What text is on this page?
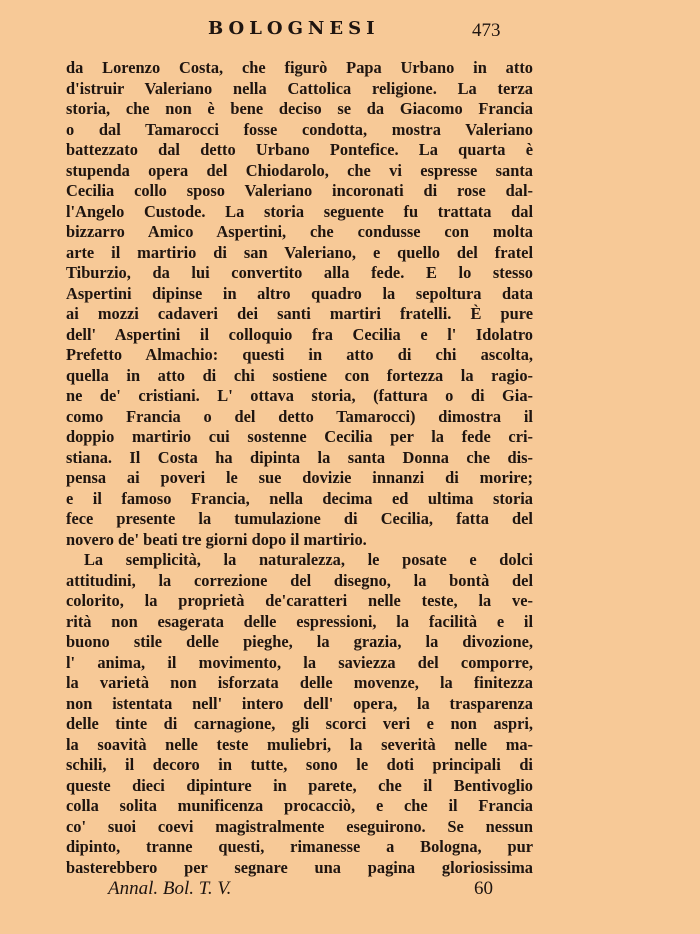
BOLOGNESI	473
da Lorenzo Costa, che figurò Papa Urbano in atto
d'istruir Valeriano nella Cattolica religione. La terza
storia, che non è bene deciso se da Giacomo Francia
o dal Tamarocci fosse condotta, mostra Valeriano
battezzato dal detto Urbano Pontefice. La quarta è
stupenda opera del Chiodarolo, che vi espresse santa
Cecilia collo sposo Valeriano incoronati di rose dal-
l'Angelo Custode. La storia seguente fu trattata dal
bizzarro Amico Aspertini, che condusse con molta
arte il martirio di san Valeriano, e quello del fratel
Tiburzio, da lui convertito alla fede. E lo stesso
Aspertini dipinse in altro quadro la sepoltura data
ai mozzi cadaveri dei santi martiri fratelli. È pure
dell' Aspertini il colloquio fra Cecilia e l' Idolatro
Prefetto Almachio: questi in atto di chi ascolta,
quella in atto di chi sostiene con fortezza la ragio-
ne de' cristiani. L' ottava storia, (fattura o di Gia-
como Francia o del detto Tamarocci) dimostra il
doppio martirio cui sostenne Cecilia per la fede cri-
stiana. Il Costa ha dipinta la santa Donna che dis-
pensa ai poveri le sue dovizie innanzi di morire;
e il famoso Francia, nella decima ed ultima storia
fece presente la tumulazione di Cecilia, fatta del
novero de' beati tre giorni dopo il martirio.
La semplicità, la naturalezza, le posate e dolci
attitudini, la correzione del disegno, la bontà del
colorito, la proprietà de'caratteri nelle teste, la ve-
rità non esagerata delle espressioni, la facilità e il
buono stile delle pieghe, la grazia, la divozione,
l' anima, il movimento, la saviezza del comporre,
la varietà non isforzata delle movenze, la finitezza
non istentata nell' intero dell' opera, la trasparenza
delle tinte di carnagione, gli scorci veri e non aspri,
la soavità nelle teste muliebri, la severità nelle ma-
schili, il decoro in tutte, sono le doti principali di
queste dieci dipinture in parete, che il Bentivoglio
colla solita munificenza procacciò, e che il Francia
co' suoi coevi magistralmente eseguirono. Se nessun
dipinto, tranne questi, rimanesse a Bologna, pur
basterebbero per segnare una pagina gloriosissima
Annal. Bol. T. V.	60
